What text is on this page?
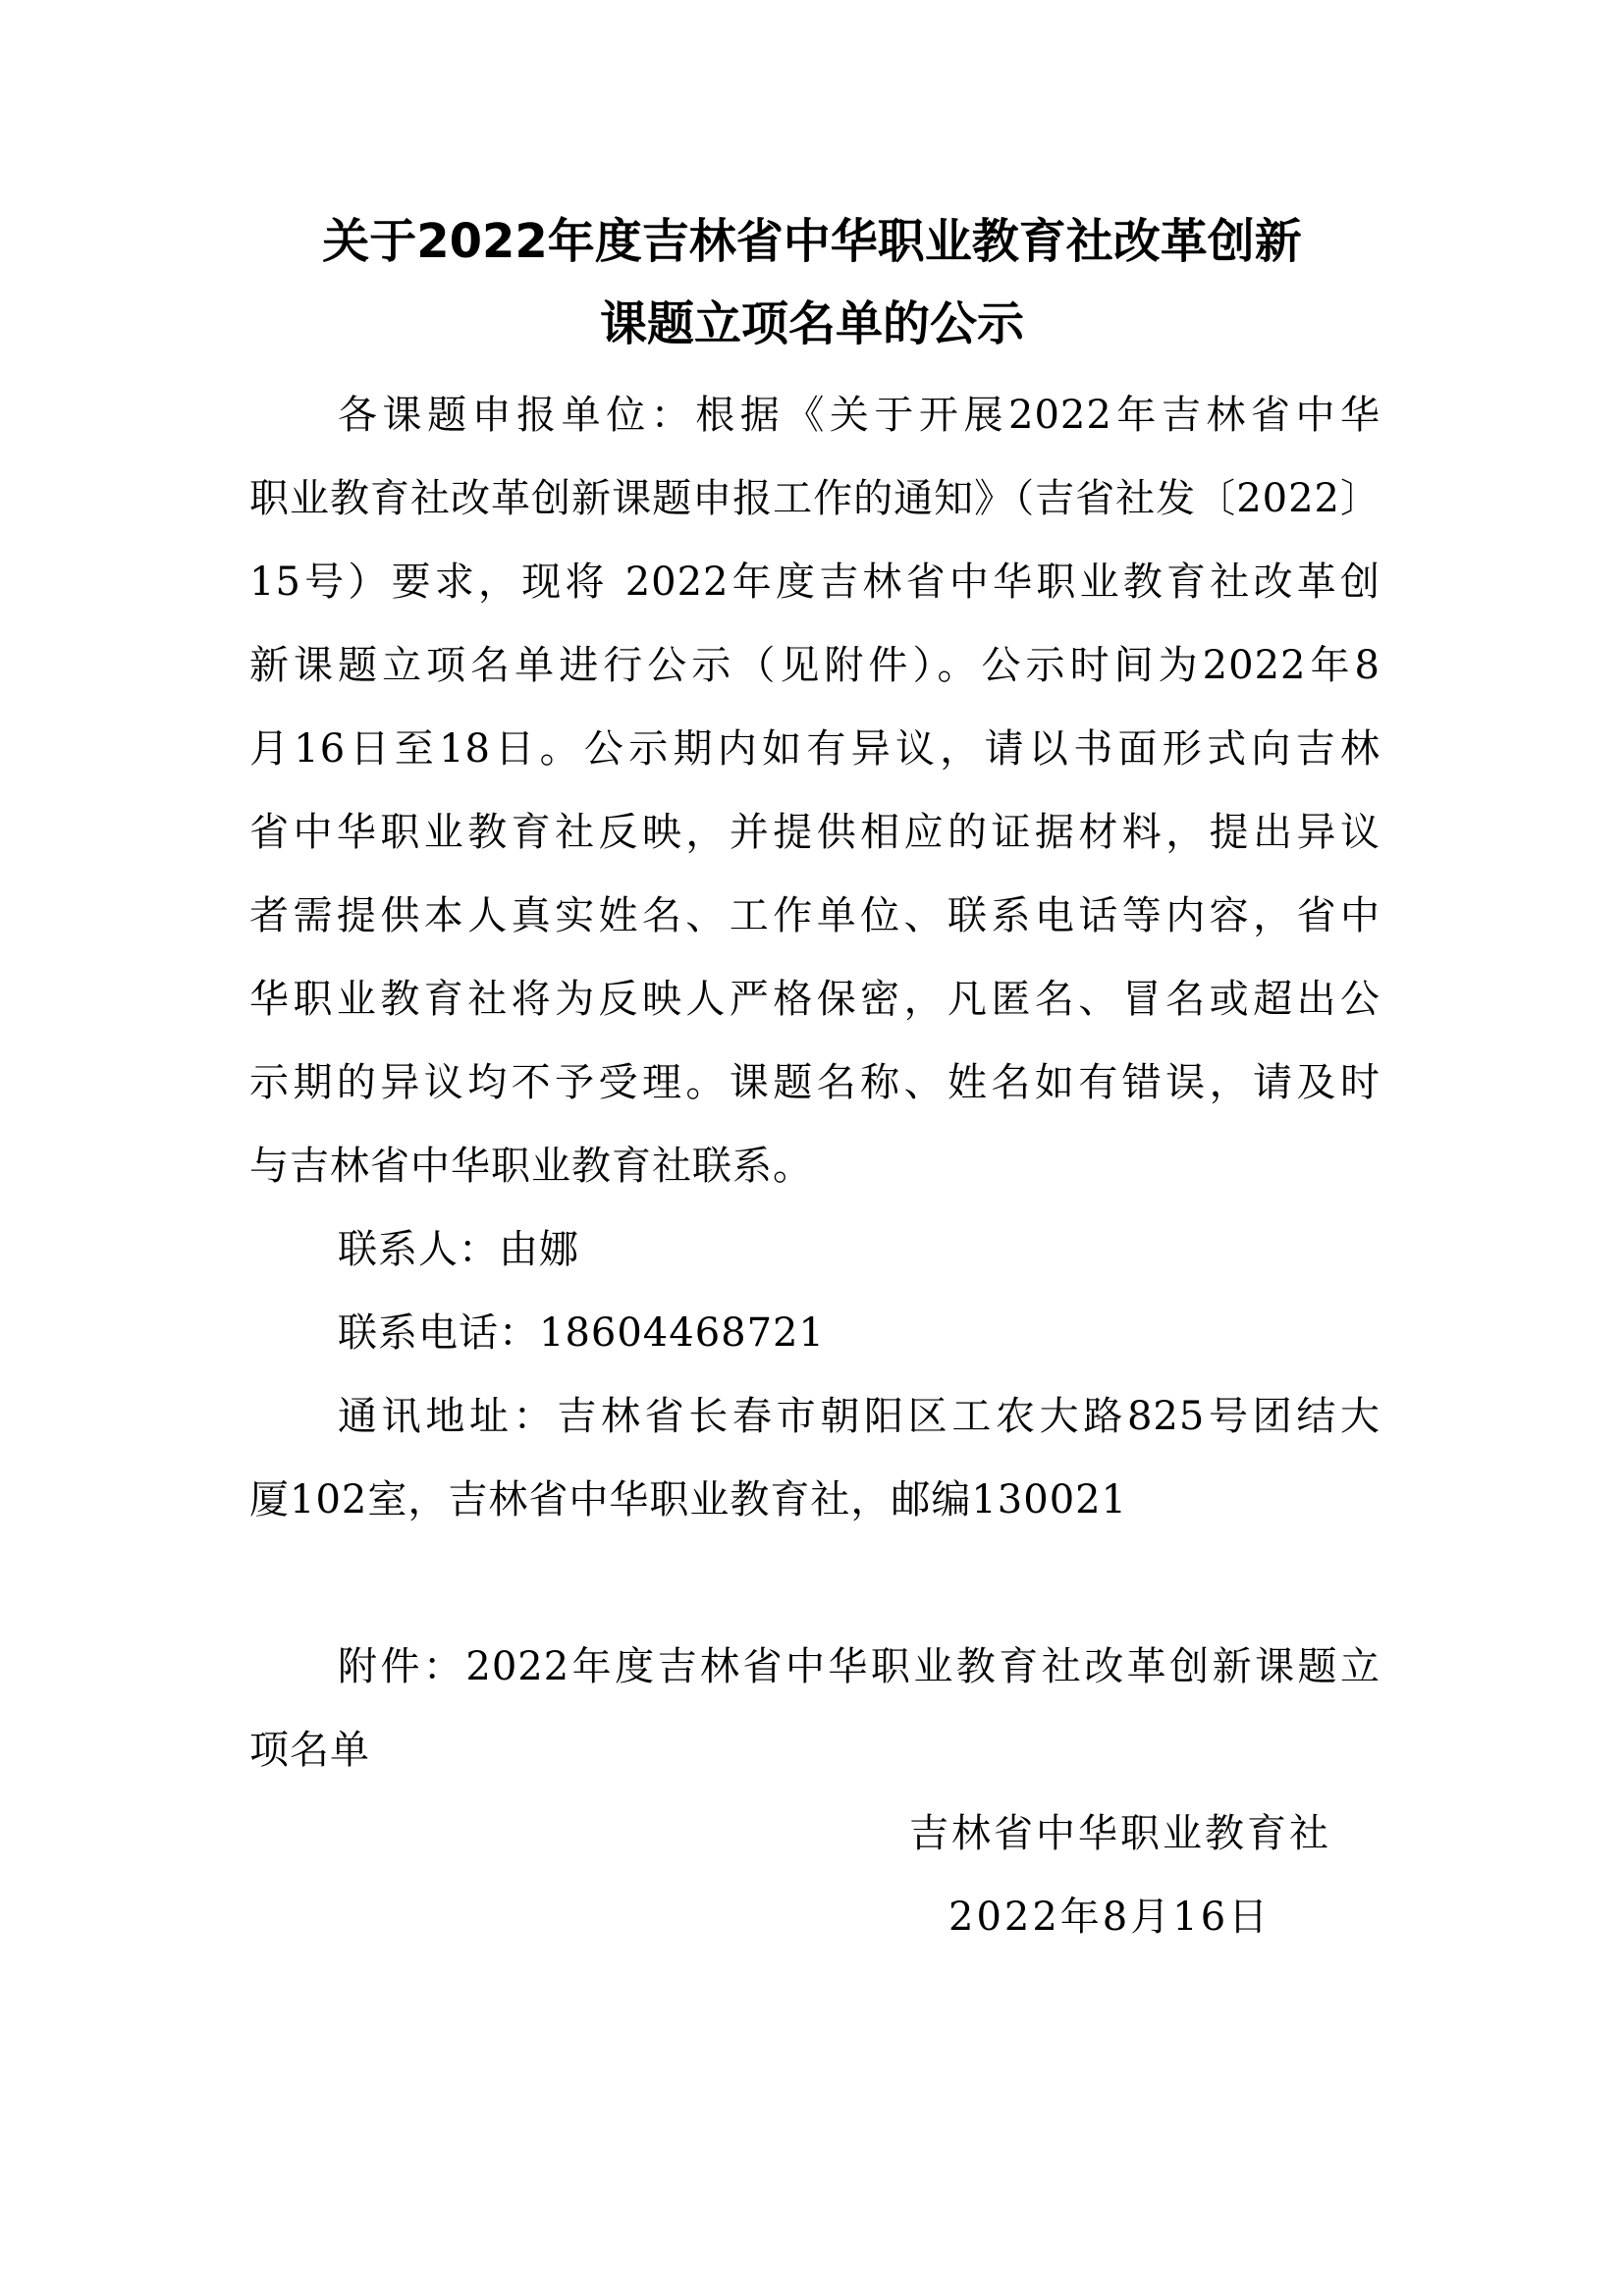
关于2022年度吉林省中华职业教育社改革创新
课题立项名单的公示
各课题申报单位：根据《关于开展2022年吉林省中华
职业教育社改革创新课题申报工作的通知》（吉省社发〔2022〕
15号）要求，现将 2022年度吉林省中华职业教育社改革创
新课题立项名单进行公示（见附件）。公示时间为2022年8
月16日至18日。公示期内如有异议，请以书面形式向吉林
省中华职业教育社反映，并提供相应的证据材料，提出异议
者需提供本人真实姓名、工作单位、联系电话等内容，省中
华职业教育社将为反映人严格保密，凡匿名、冒名或超出公
示期的异议均不予受理。课题名称、姓名如有错误，请及时
与吉林省中华职业教育社联系。
联系人：由娜
联系电话：18604468721
通讯地址：吉林省长春市朝阳区工农大路825号团结大
厦102室，吉林省中华职业教育社，邮编130021
附件：2022年度吉林省中华职业教育社改革创新课题立
项名单
吉林省中华职业教育社
2022年8月16日
